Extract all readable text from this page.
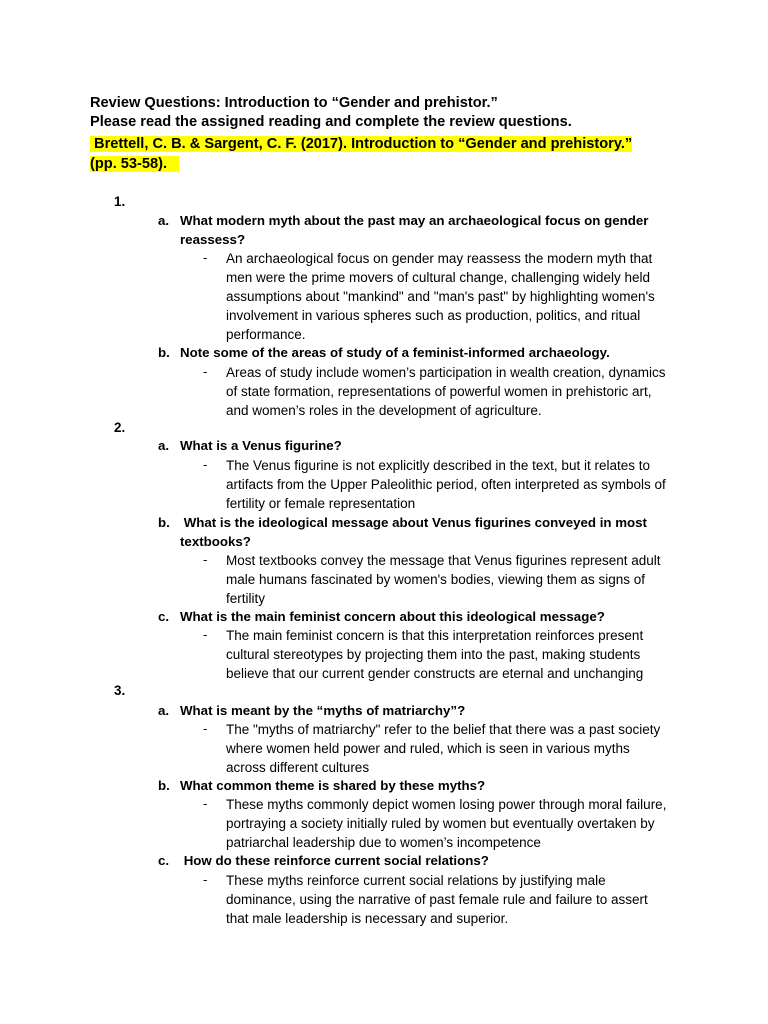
Review Questions: Introduction to “Gender and prehistor.”
Please read the assigned reading and complete the review questions.
Brettell, C. B. & Sargent, C. F. (2017). Introduction to “Gender and prehistory.”
(pp. 53-58).
1.
a. What modern myth about the past may an archaeological focus on gender
reassess?
- An archaeological focus on gender may reassess the modern myth that
men were the prime movers of cultural change, challenging widely held
assumptions about "mankind" and "man's past" by highlighting women's
involvement in various spheres such as production, politics, and ritual
performance.
b. Note some of the areas of study of a feminist-informed archaeology.
- Areas of study include women’s participation in wealth creation, dynamics
of state formation, representations of powerful women in prehistoric art,
and women’s roles in the development of agriculture.
2.
a. What is a Venus figurine?
- The Venus figurine is not explicitly described in the text, but it relates to
artifacts from the Upper Paleolithic period, often interpreted as symbols of
fertility or female representation
b. What is the ideological message about Venus figurines conveyed in most
textbooks?
- Most textbooks convey the message that Venus figurines represent adult
male humans fascinated by women's bodies, viewing them as signs of
fertility
c. What is the main feminist concern about this ideological message?
- The main feminist concern is that this interpretation reinforces present
cultural stereotypes by projecting them into the past, making students
believe that our current gender constructs are eternal and unchanging
3.
a. What is meant by the “myths of matriarchy”?
- The "myths of matriarchy" refer to the belief that there was a past society
where women held power and ruled, which is seen in various myths
across different cultures
b. What common theme is shared by these myths?
- These myths commonly depict women losing power through moral failure,
portraying a society initially ruled by women but eventually overtaken by
patriarchal leadership due to women’s incompetence
c. How do these reinforce current social relations?
- These myths reinforce current social relations by justifying male
dominance, using the narrative of past female rule and failure to assert
that male leadership is necessary and superior.
